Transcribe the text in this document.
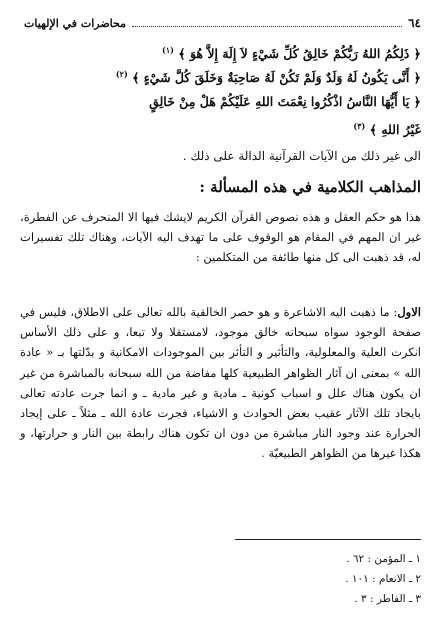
٦٤
محاضرات في الإلهيات
﴿ ذَلِكُمُ اللهُ رَبُّكُمْ خَالِقُ كُلِّ شَيْءٍ لاَ إِلَهَ إِلاَّ هُوَ ﴾ $^{(١)}$
﴿ أَنَّى يَكُونُ لَهُ وَلَدٌ وَلَمْ تَكُنْ لَهُ صَاحِبَةٌ وَخَلَقَ كُلَّ شَيْءٍ ﴾ $^{(٢)}$
﴿ يَا أَيُّهَا النَّاسُ اذْكُرُوا نِعْمَتَ اللهِ عَلَيْكُمْ هَلْ مِنْ خَالِقٍ
غَيْرُ اللهِ ﴾ $^{(٣)}$
الى غير ذلك من الآيات القرآنية الدالة على ذلك .
المذاهب الكلامية في هذه المسألة :
هذا هو حكم العقل و هذه نصوص القرآن الكريم لايشك فيها الا المنحرف عن الفطرة، غير ان المهم في المقام هو الوقوف على ما تهدف اليه الآيات، وهناك تلك تفسيرات له، قد ذهبت الى كل منها طائفة من المتكلمين :
الاول: ما ذهبت اليه الاشاعرة و هو حصر الخالقية بالله تعالى على الاطلاق، فليس في صفحة الوجود سواه سبحانه خالق موجود، لامستقلا ولا تبعا، و على ذلك الأساس انكرت العلية والمعلولية، والتأثير و التأثر بين الموجودات الامكانية و بدّلتها بـ « عادة الله » بمعنى ان آثار الظواهر الطبيعية كلها مفاضة من الله سبحانه بالمباشرة من غير ان يكون هناك علل و اسباب كونية ـ مادية و غير مادية ـ و انما جرت عادته تعالى بايجاد تلك الآثار عقيب بعض الحوادث و الاشياء، فجرت عادة الله ـ مثلاً ـ على إيجاد الحرارة عند وجود النار مباشرة من دون ان تكون هناك رابطة بين النار و حرارتها، و هكذا غيرها من الظواهر الطبيعيّة .
١ ـ المؤمن : ٦٢ .
٢ ـ الانعام : ١٠١ .
٣ ـ الفاطر : ٣ .
